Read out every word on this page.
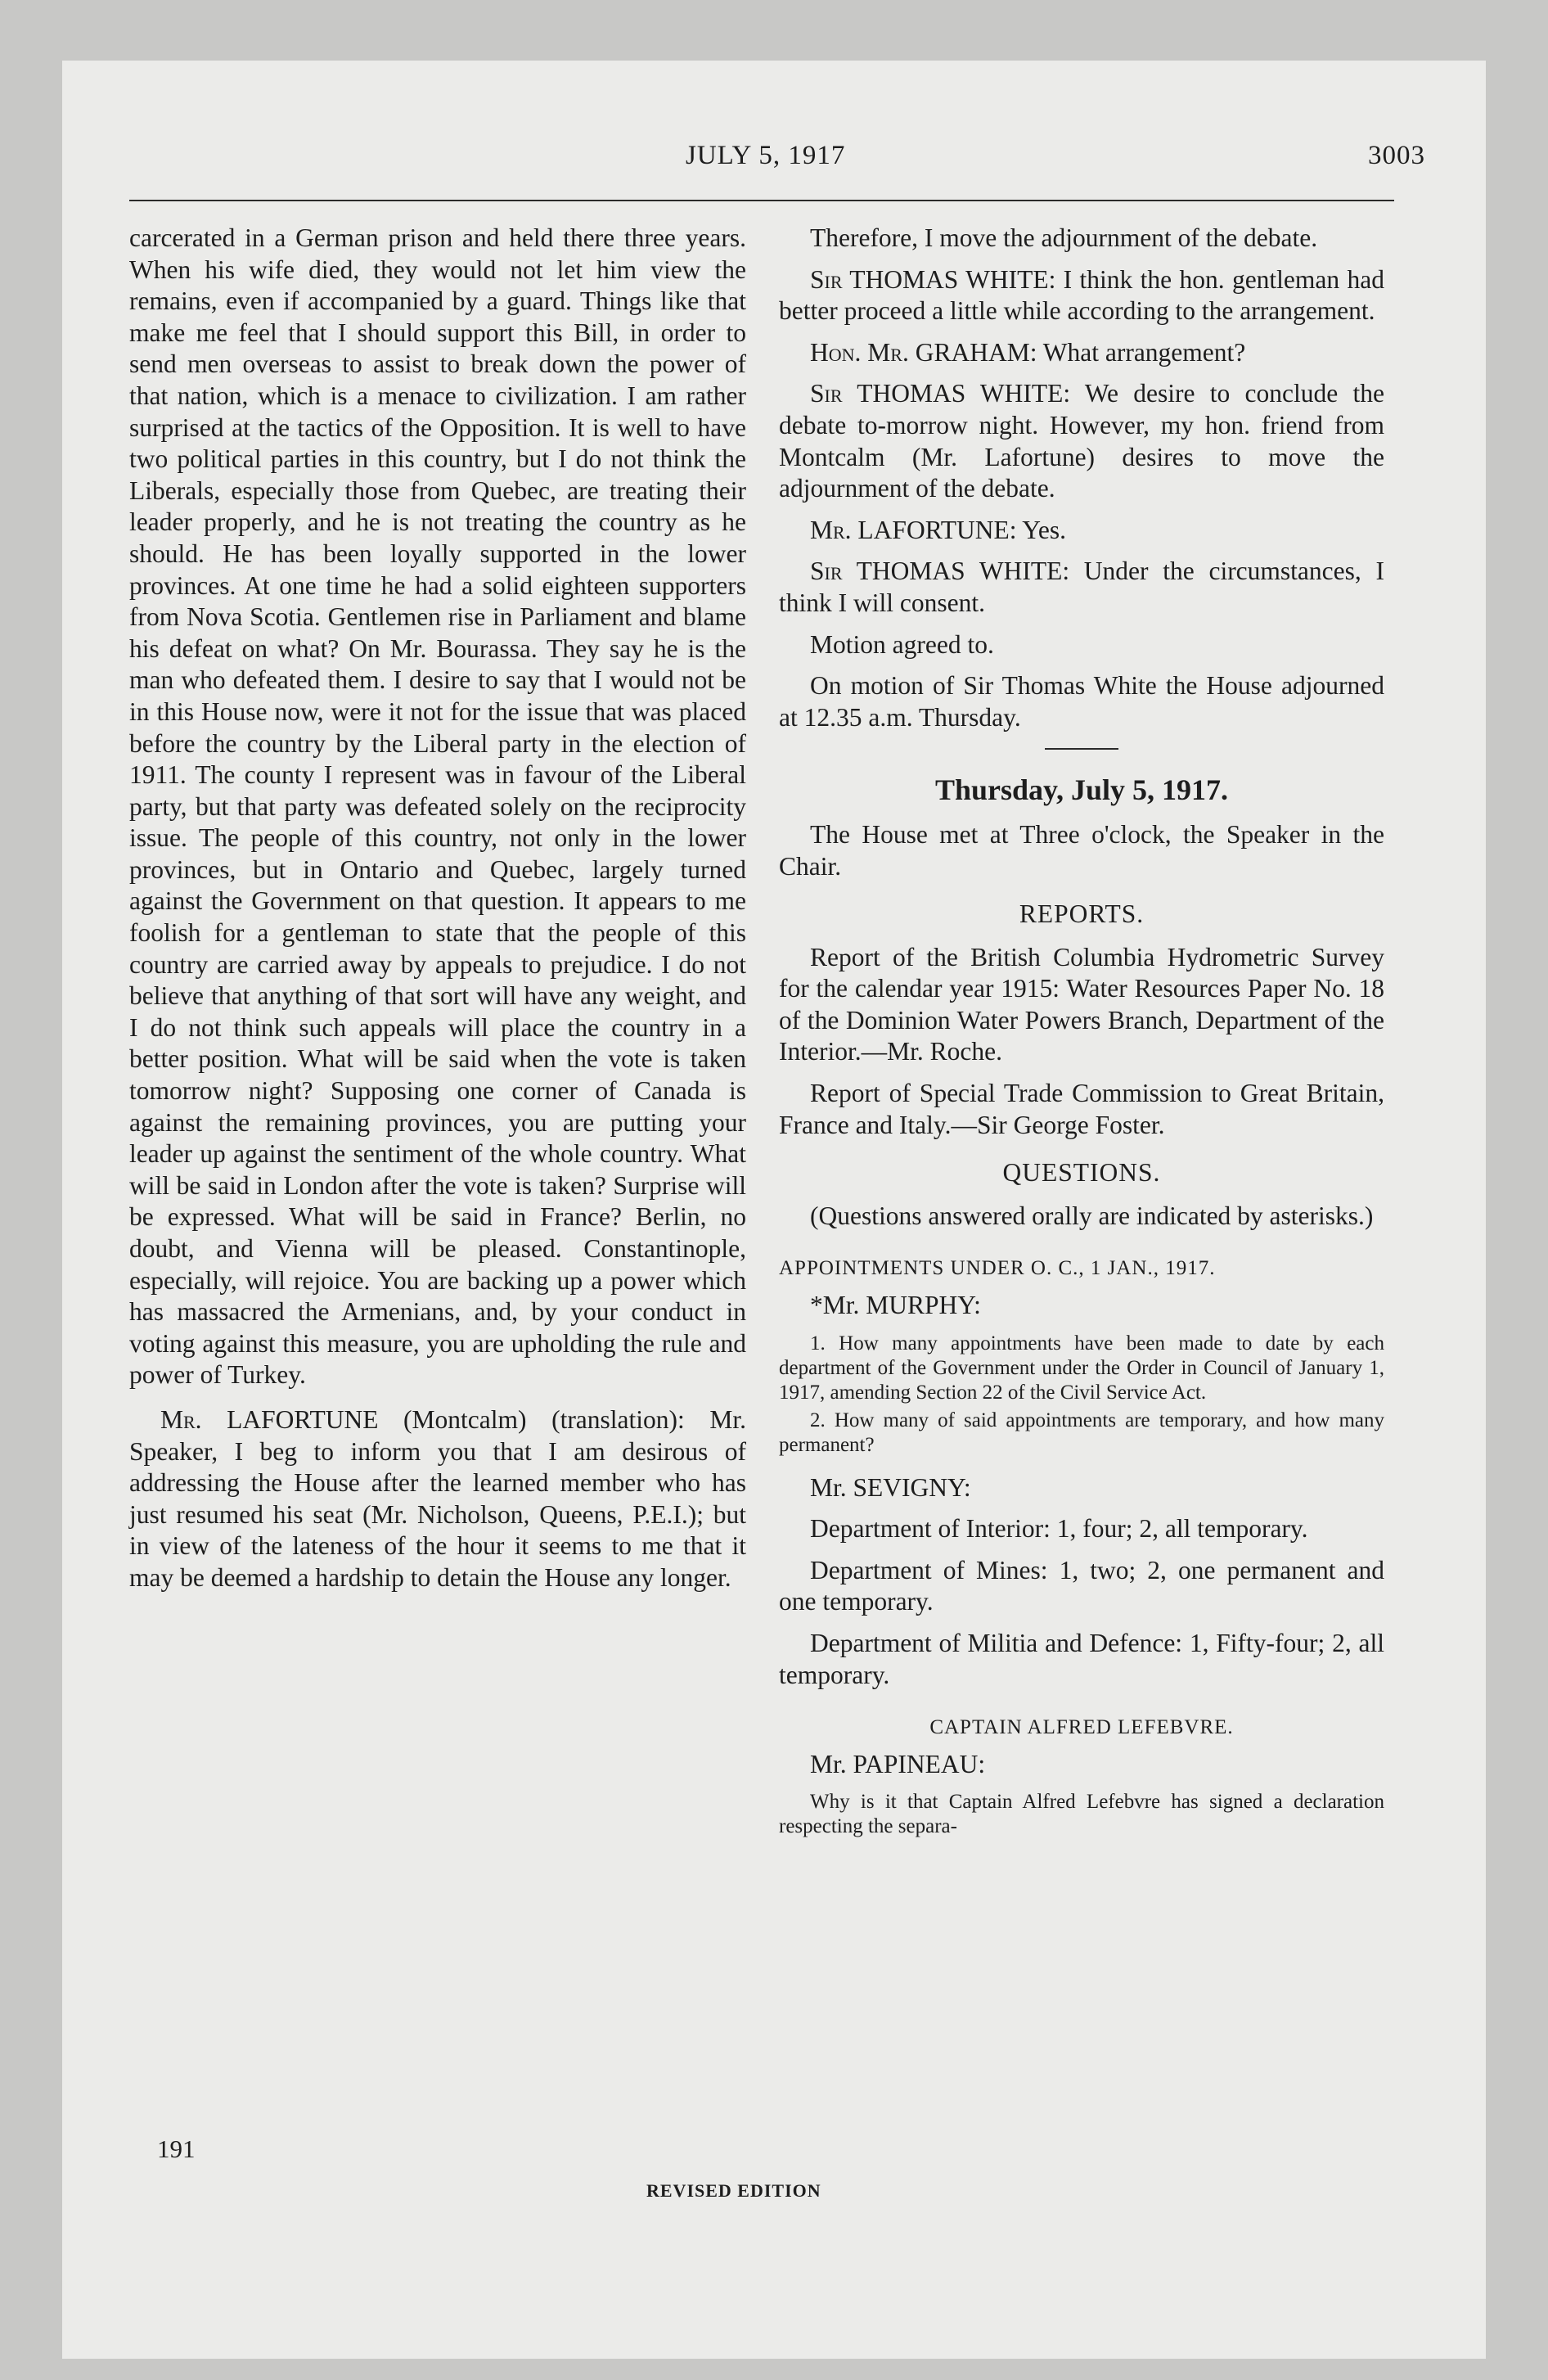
JULY 5, 1917	3003

carcerated in a German prison and held there three years. When his wife died, they would not let him view the remains, even if accompanied by a guard. Things like that make me feel that I should support this Bill, in order to send men overseas to assist to break down the power of that nation, which is a menace to civilization. I am rather surprised at the tactics of the Opposition. It is well to have two political parties in this country, but I do not think the Liberals, especially those from Quebec, are treating their leader properly, and he is not treating the country as he should. He has been loyally supported in the lower provinces. At one time he had a solid eighteen supporters from Nova Scotia. Gentlemen rise in Parliament and blame his defeat on what? On Mr. Bourassa. They say he is the man who defeated them. I desire to say that I would not be in this House now, were it not for the issue that was placed before the country by the Liberal party in the election of 1911. The county I represent was in favour of the Liberal party, but that party was defeated solely on the reciprocity issue. The people of this country, not only in the lower provinces, but in Ontario and Quebec, largely turned against the Government on that question. It appears to me foolish for a gentleman to state that the people of this country are carried away by appeals to prejudice. I do not believe that anything of that sort will have any weight, and I do not think such appeals will place the country in a better position. What will be said when the vote is taken tomorrow night? Supposing one corner of Canada is against the remaining provinces, you are putting your leader up against the sentiment of the whole country. What will be said in London after the vote is taken? Surprise will be expressed. What will be said in France? Berlin, no doubt, and Vienna will be pleased. Constantinople, especially, will rejoice. You are backing up a power which has massacred the Armenians, and, by your conduct in voting against this measure, you are upholding the rule and power of Turkey.

Mr. LAFORTUNE (Montcalm) (translation): Mr. Speaker, I beg to inform you that I am desirous of addressing the House after the learned member who has just resumed his seat (Mr. Nicholson, Queens, P.E.I.); but in view of the lateness of the hour it seems to me that it may be deemed a hardship to detain the House any longer.

Therefore, I move the adjournment of the debate.

Sir THOMAS WHITE: I think the hon. gentleman had better proceed a little while according to the arrangement.

Hon. Mr. GRAHAM: What arrangement?

Sir THOMAS WHITE: We desire to conclude the debate to-morrow night. However, my hon. friend from Montcalm (Mr. Lafortune) desires to move the adjournment of the debate.

Mr. LAFORTUNE: Yes.

Sir THOMAS WHITE: Under the circumstances, I think I will consent.

Motion agreed to.

On motion of Sir Thomas White the House adjourned at 12.35 a.m. Thursday.

Thursday, July 5, 1917.

The House met at Three o'clock, the Speaker in the Chair.

REPORTS.

Report of the British Columbia Hydrometric Survey for the calendar year 1915: Water Resources Paper No. 18 of the Dominion Water Powers Branch, Department of the Interior.—Mr. Roche.

Report of Special Trade Commission to Great Britain, France and Italy.—Sir George Foster.

QUESTIONS.

(Questions answered orally are indicated by asterisks.)

APPOINTMENTS UNDER O. C., 1 JAN., 1917.

*Mr. MURPHY:

1. How many appointments have been made to date by each department of the Government under the Order in Council of January 1, 1917, amending Section 22 of the Civil Service Act.

2. How many of said appointments are temporary, and how many permanent?

Mr. SEVIGNY:

Department of Interior: 1, four; 2, all temporary.

Department of Mines: 1, two; 2, one permanent and one temporary.

Department of Militia and Defence: 1, Fifty-four; 2, all temporary.

CAPTAIN ALFRED LEFEBVRE.

Mr. PAPINEAU:

Why is it that Captain Alfred Lefebvre has signed a declaration respecting the separa-

191
REVISED EDITION
